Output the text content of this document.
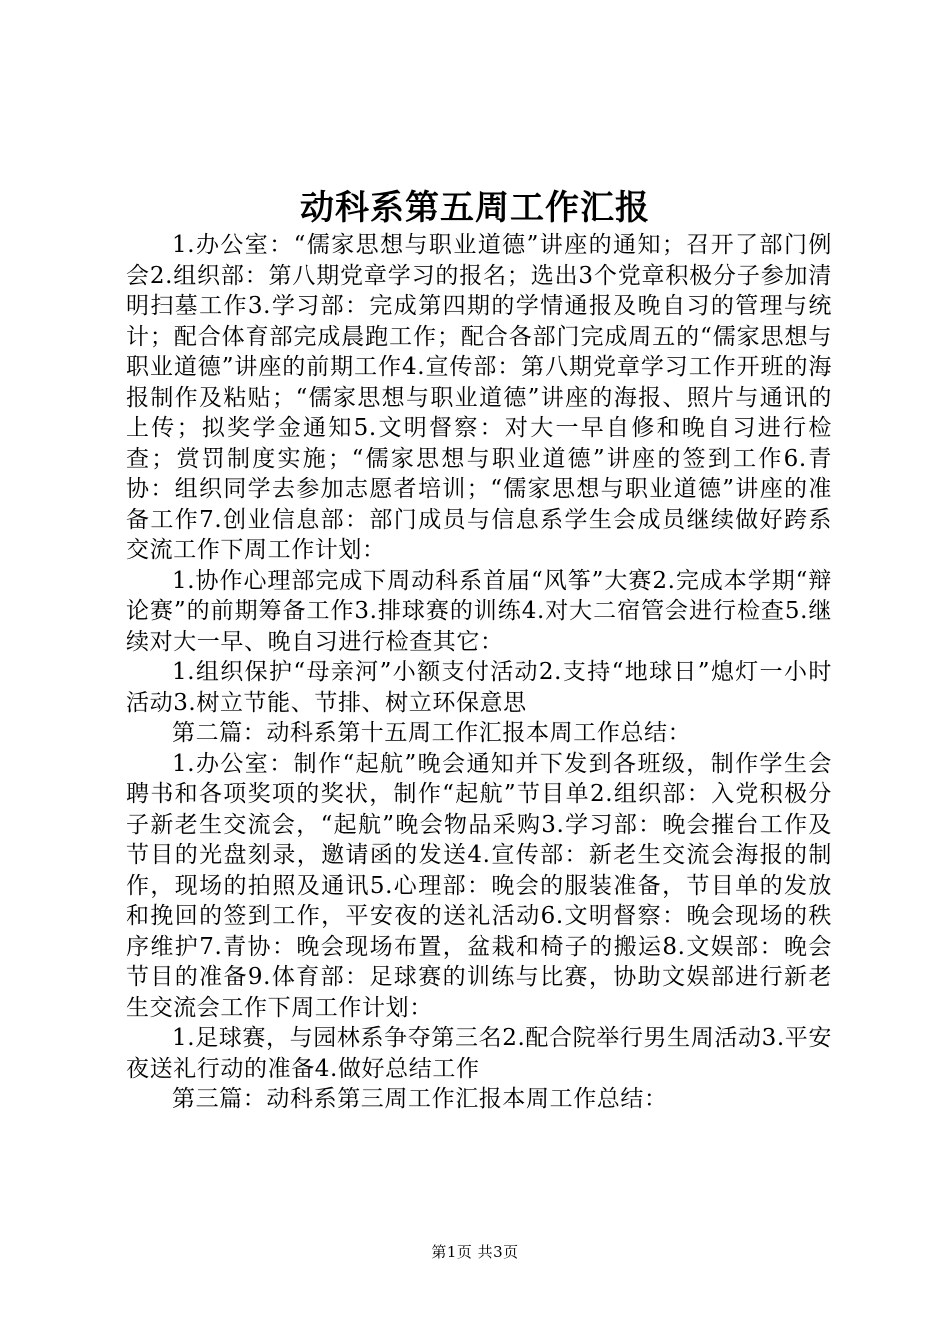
动科系第五周工作汇报

1.办公室：“儒家思想与职业道德”讲座的通知；召开了部门例会2.组织部：第八期党章学习的报名；选出3个党章积极分子参加清明扫墓工作3.学习部：完成第四期的学情通报及晚自习的管理与统计；配合体育部完成晨跑工作；配合各部门完成周五的“儒家思想与职业道德”讲座的前期工作4.宣传部：第八期党章学习工作开班的海报制作及粘贴；“儒家思想与职业道德”讲座的海报、照片与通讯的上传；拟奖学金通知5.文明督察：对大一早自修和晚自习进行检查；赏罚制度实施；“儒家思想与职业道德”讲座的签到工作6.青协：组织同学去参加志愿者培训；“儒家思想与职业道德”讲座的准备工作7.创业信息部：部门成员与信息系学生会成员继续做好跨系交流工作下周工作计划：

1.协作心理部完成下周动科系首届“风筝”大赛2.完成本学期“辩论赛”的前期筹备工作3.排球赛的训练4.对大二宿管会进行检查5.继续对大一早、晚自习进行检查其它：

1.组织保护“母亲河”小额支付活动2.支持“地球日”熄灯一小时活动3.树立节能、节排、树立环保意思

第二篇：动科系第十五周工作汇报本周工作总结：

1.办公室：制作“起航”晚会通知并下发到各班级，制作学生会聘书和各项奖项的奖状，制作“起航”节目单2.组织部：入党积极分子新老生交流会，“起航”晚会物品采购3.学习部：晚会摧台工作及节目的光盘刻录，邀请函的发送4.宣传部：新老生交流会海报的制作，现场的拍照及通讯5.心理部：晚会的服装准备，节目单的发放和挽回的签到工作，平安夜的送礼活动6.文明督察：晚会现场的秩序维护7.青协：晚会现场布置，盆栽和椅子的搬运8.文娱部：晚会节目的准备9.体育部：足球赛的训练与比赛，协助文娱部进行新老生交流会工作下周工作计划：

1.足球赛，与园林系争夺第三名2.配合院举行男生周活动3.平安夜送礼行动的准备4.做好总结工作

第三篇：动科系第三周工作汇报本周工作总结：

第1页 共3页
